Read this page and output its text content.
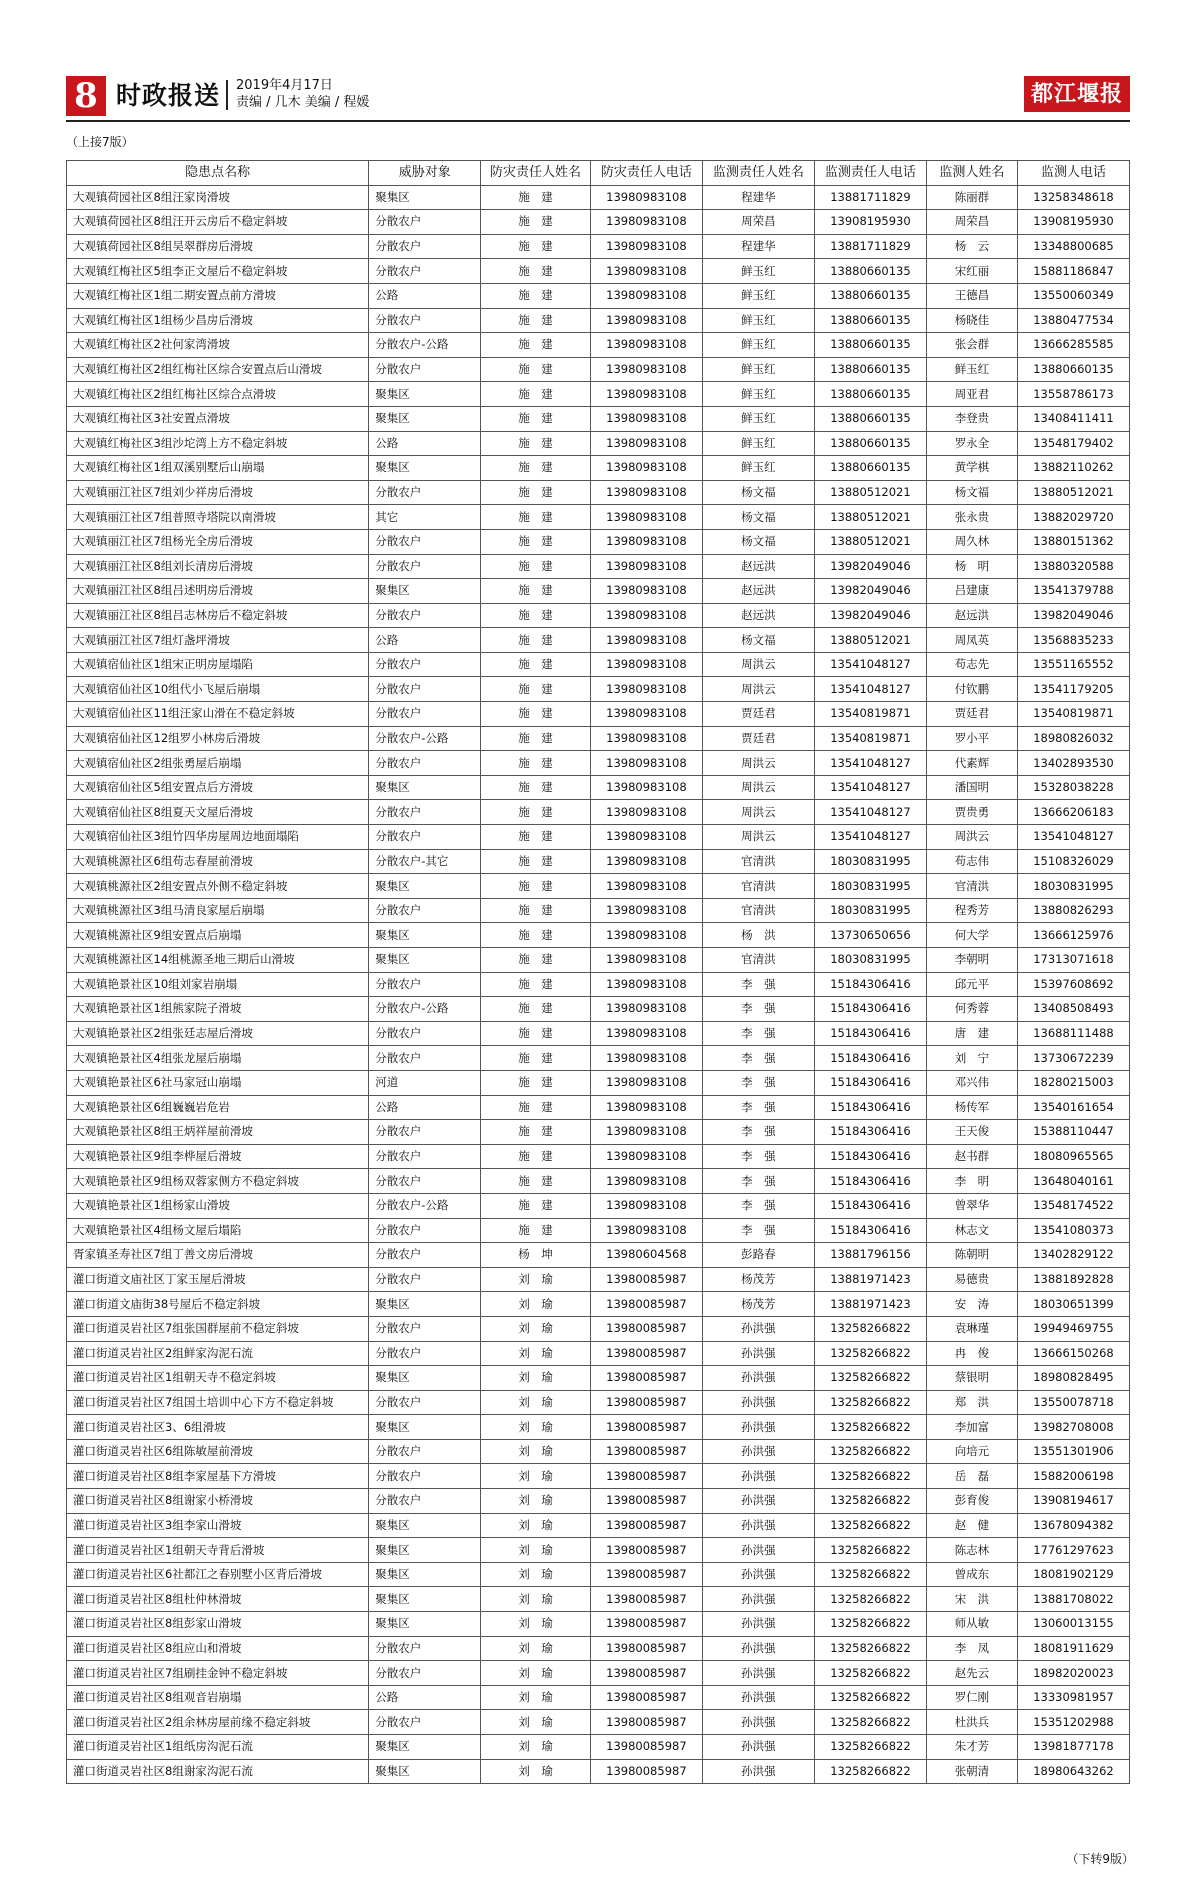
8 时政报送 2019年4月17日
责编 / 几木 美编 / 程媛	都江堰报
（上接7版）
隐患点名称	威胁对象	防灾责任人姓名	防灾责任人电话	监测责任人姓名	监测责任人电话	监测人姓名	监测人电话
大观镇荷园社区8组汪家岗滑坡	聚集区	施　建	13980983108	程建华	13881711829	陈丽群	13258348618
大观镇荷园社区8组汪开云房后不稳定斜坡	分散农户	施　建	13980983108	周荣昌	13908195930	周荣昌	13908195930
大观镇荷园社区8组吴翠群房后滑坡	分散农户	施　建	13980983108	程建华	13881711829	杨　云	13348800685
大观镇红梅社区5组李正文屋后不稳定斜坡	分散农户	施　建	13980983108	鲜玉红	13880660135	宋红丽	15881186847
大观镇红梅社区1组二期安置点前方滑坡	公路	施　建	13980983108	鲜玉红	13880660135	王德昌	13550060349
大观镇红梅社区1组杨少昌房后滑坡	分散农户	施　建	13980983108	鲜玉红	13880660135	杨晓佳	13880477534
大观镇红梅社区2社何家湾滑坡	分散农户-公路	施　建	13980983108	鲜玉红	13880660135	张会群	13666285585
大观镇红梅社区2组红梅社区综合安置点后山滑坡	分散农户	施　建	13980983108	鲜玉红	13880660135	鲜玉红	13880660135
大观镇红梅社区2组红梅社区综合点滑坡	聚集区	施　建	13980983108	鲜玉红	13880660135	周亚君	13558786173
大观镇红梅社区3社安置点滑坡	聚集区	施　建	13980983108	鲜玉红	13880660135	李登贵	13408411411
大观镇红梅社区3组沙坨湾上方不稳定斜坡	公路	施　建	13980983108	鲜玉红	13880660135	罗永全	13548179402
大观镇红梅社区1组双溪别墅后山崩塌	聚集区	施　建	13980983108	鲜玉红	13880660135	黄学棋	13882110262
大观镇丽江社区7组刘少祥房后滑坡	分散农户	施　建	13980983108	杨文福	13880512021	杨文福	13880512021
大观镇丽江社区7组普照寺塔院以南滑坡	其它	施　建	13980983108	杨文福	13880512021	张永贵	13882029720
大观镇丽江社区7组杨光全房后滑坡	分散农户	施　建	13980983108	杨文福	13880512021	周久林	13880151362
大观镇丽江社区8组刘长清房后滑坡	分散农户	施　建	13980983108	赵远洪	13982049046	杨　明	13880320588
大观镇丽江社区8组吕述明房后滑坡	聚集区	施　建	13980983108	赵远洪	13982049046	吕建康	13541379788
大观镇丽江社区8组吕志林房后不稳定斜坡	分散农户	施　建	13980983108	赵远洪	13982049046	赵远洪	13982049046
大观镇丽江社区7组灯盏坪滑坡	公路	施　建	13980983108	杨文福	13880512021	周凤英	13568835233
大观镇宿仙社区1组宋正明房屋塌陷	分散农户	施　建	13980983108	周洪云	13541048127	苟志先	13551165552
大观镇宿仙社区10组代小飞屋后崩塌	分散农户	施　建	13980983108	周洪云	13541048127	付钦鹏	13541179205
大观镇宿仙社区11组汪家山滑在不稳定斜坡	分散农户	施　建	13980983108	贾廷君	13540819871	贾廷君	13540819871
大观镇宿仙社区12组罗小林房后滑坡	分散农户-公路	施　建	13980983108	贾廷君	13540819871	罗小平	18980826032
大观镇宿仙社区2组张勇屋后崩塌	分散农户	施　建	13980983108	周洪云	13541048127	代素辉	13402893530
大观镇宿仙社区5组安置点后方滑坡	聚集区	施　建	13980983108	周洪云	13541048127	潘国明	15328038228
大观镇宿仙社区8组夏天文屋后滑坡	分散农户	施　建	13980983108	周洪云	13541048127	贾贵勇	13666206183
大观镇宿仙社区3组竹四华房屋周边地面塌陷	分散农户	施　建	13980983108	周洪云	13541048127	周洪云	13541048127
大观镇桃源社区6组苟志春屋前滑坡	分散农户-其它	施　建	13980983108	官清洪	18030831995	苟志伟	15108326029
大观镇桃源社区2组安置点外侧不稳定斜坡	聚集区	施　建	13980983108	官清洪	18030831995	官清洪	18030831995
大观镇桃源社区3组马清良家屋后崩塌	分散农户	施　建	13980983108	官清洪	18030831995	程秀芳	13880826293
大观镇桃源社区9组安置点后崩塌	聚集区	施　建	13980983108	杨　洪	13730650656	何大学	13666125976
大观镇桃源社区14组桃源圣地三期后山滑坡	聚集区	施　建	13980983108	官清洪	18030831995	李朝明	17313071618
大观镇艳景社区10组刘家岩崩塌	分散农户	施　建	13980983108	李　强	15184306416	邱元平	15397608692
大观镇艳景社区1组熊家院子滑坡	分散农户-公路	施　建	13980983108	李　强	15184306416	何秀蓉	13408508493
大观镇艳景社区2组张廷志屋后滑坡	分散农户	施　建	13980983108	李　强	15184306416	唐　建	13688111488
大观镇艳景社区4组张龙屋后崩塌	分散农户	施　建	13980983108	李　强	15184306416	刘　宁	13730672239
大观镇艳景社区6社马家冠山崩塌	河道	施　建	13980983108	李　强	15184306416	邓兴伟	18280215003
大观镇艳景社区6组巍巍岩危岩	公路	施　建	13980983108	李　强	15184306416	杨传军	13540161654
大观镇艳景社区8组王炳祥屋前滑坡	分散农户	施　建	13980983108	李　强	15184306416	王天俊	15388110447
大观镇艳景社区9组李桦屋后滑坡	分散农户	施　建	13980983108	李　强	15184306416	赵书群	18080965565
大观镇艳景社区9组杨双蓉家侧方不稳定斜坡	分散农户	施　建	13980983108	李　强	15184306416	李　明	13648040161
大观镇艳景社区1组杨家山滑坡	分散农户-公路	施　建	13980983108	李　强	15184306416	曾翠华	13548174522
大观镇艳景社区4组杨文屋后塌陷	分散农户	施　建	13980983108	李　强	15184306416	林志文	13541080373
胥家镇圣寿社区7组丁善文房后滑坡	分散农户	杨　坤	13980604568	彭路春	13881796156	陈朝明	13402829122
灌口街道文庙社区丁家玉屋后滑坡	分散农户	刘　瑜	13980085987	杨茂芳	13881971423	易德贵	13881892828
灌口街道文庙街38号屋后不稳定斜坡	聚集区	刘　瑜	13980085987	杨茂芳	13881971423	安　涛	18030651399
灌口街道灵岩社区7组张国群屋前不稳定斜坡	分散农户	刘　瑜	13980085987	孙洪强	13258266822	袁琳瑾	19949469755
灌口街道灵岩社区2组鲜家沟泥石流	分散农户	刘　瑜	13980085987	孙洪强	13258266822	冉　俊	13666150268
灌口街道灵岩社区1组朝天寺不稳定斜坡	聚集区	刘　瑜	13980085987	孙洪强	13258266822	蔡银明	18980828495
灌口街道灵岩社区7组国土培训中心下方不稳定斜坡	分散农户	刘　瑜	13980085987	孙洪强	13258266822	郑　洪	13550078718
灌口街道灵岩社区3、6组滑坡	聚集区	刘　瑜	13980085987	孙洪强	13258266822	李加富	13982708008
灌口街道灵岩社区6组陈敏屋前滑坡	分散农户	刘　瑜	13980085987	孙洪强	13258266822	向培元	13551301906
灌口街道灵岩社区8组李家屋基下方滑坡	分散农户	刘　瑜	13980085987	孙洪强	13258266822	岳　磊	15882006198
灌口街道灵岩社区8组谢家小桥滑坡	分散农户	刘　瑜	13980085987	孙洪强	13258266822	彭育俊	13908194617
灌口街道灵岩社区3组李家山滑坡	聚集区	刘　瑜	13980085987	孙洪强	13258266822	赵　健	13678094382
灌口街道灵岩社区1组朝天寺背后滑坡	聚集区	刘　瑜	13980085987	孙洪强	13258266822	陈志林	17761297623
灌口街道灵岩社区6社都江之春别墅小区背后滑坡	聚集区	刘　瑜	13980085987	孙洪强	13258266822	曾成东	18081902129
灌口街道灵岩社区8组杜仲林滑坡	聚集区	刘　瑜	13980085987	孙洪强	13258266822	宋　洪	13881708022
灌口街道灵岩社区8组彭家山滑坡	聚集区	刘　瑜	13980085987	孙洪强	13258266822	师从敏	13060013155
灌口街道灵岩社区8组应山和滑坡	分散农户	刘　瑜	13980085987	孙洪强	13258266822	李　凤	18081911629
灌口街道灵岩社区7组刷挂金钟不稳定斜坡	分散农户	刘　瑜	13980085987	孙洪强	13258266822	赵先云	18982020023
灌口街道灵岩社区8组观音岩崩塌	公路	刘　瑜	13980085987	孙洪强	13258266822	罗仁刚	13330981957
灌口街道灵岩社区2组余林房屋前缘不稳定斜坡	分散农户	刘　瑜	13980085987	孙洪强	13258266822	杜洪兵	15351202988
灌口街道灵岩社区1组纸房沟泥石流	聚集区	刘　瑜	13980085987	孙洪强	13258266822	朱才芳	13981877178
灌口街道灵岩社区8组谢家沟泥石流	聚集区	刘　瑜	13980085987	孙洪强	13258266822	张朝清	18980643262
（下转9版）
